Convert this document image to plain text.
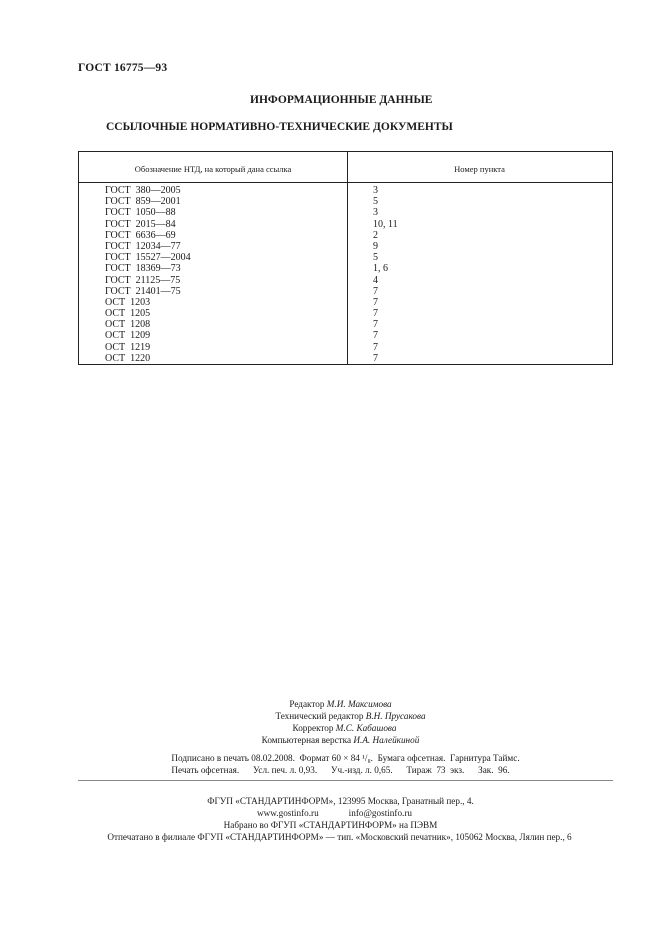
ГОСТ 16775—93
ИНФОРМАЦИОННЫЕ ДАННЫЕ
ССЫЛОЧНЫЕ НОРМАТИВНО-ТЕХНИЧЕСКИЕ ДОКУМЕНТЫ
Обозначение НТД, на который дана ссылка	Номер пункта
ГОСТ  380—2005	3
ГОСТ  859—2001	5
ГОСТ  1050—88	3
ГОСТ  2015—84	10, 11
ГОСТ  6636—69	2
ГОСТ  12034—77	9
ГОСТ  15527—2004	5
ГОСТ  18369—73	1, 6
ГОСТ  21125—75	4
ГОСТ  21401—75	7
ОСТ  1203	7
ОСТ  1205	7
ОСТ  1208	7
ОСТ  1209	7
ОСТ  1219	7
ОСТ  1220	7
Редактор М.И. Максимова
Технический редактор В.Н. Прусакова
Корректор М.С. Кабашова
Компьютерная верстка И.А. Налейкиной
Подписано в печать 08.02.2008.  Формат 60 × 84 ¹/₈.  Бумага офсетная.  Гарнитура Таймс.
Печать офсетная.      Усл. печ. л. 0,93.      Уч.-изд. л. 0,65.      Тираж  73  экз.      Зак.  96.
ФГУП «СТАНДАРТИНФОРМ», 123995 Москва, Гранатный пер., 4.
www.gostinfo.ru	info@gostinfo.ru
Набрано во ФГУП «СТАНДАРТИНФОРМ» на ПЭВМ
Отпечатано в филиале ФГУП «СТАНДАРТИНФОРМ» — тип. «Московский печатник», 105062 Москва, Лялин пер., 6
